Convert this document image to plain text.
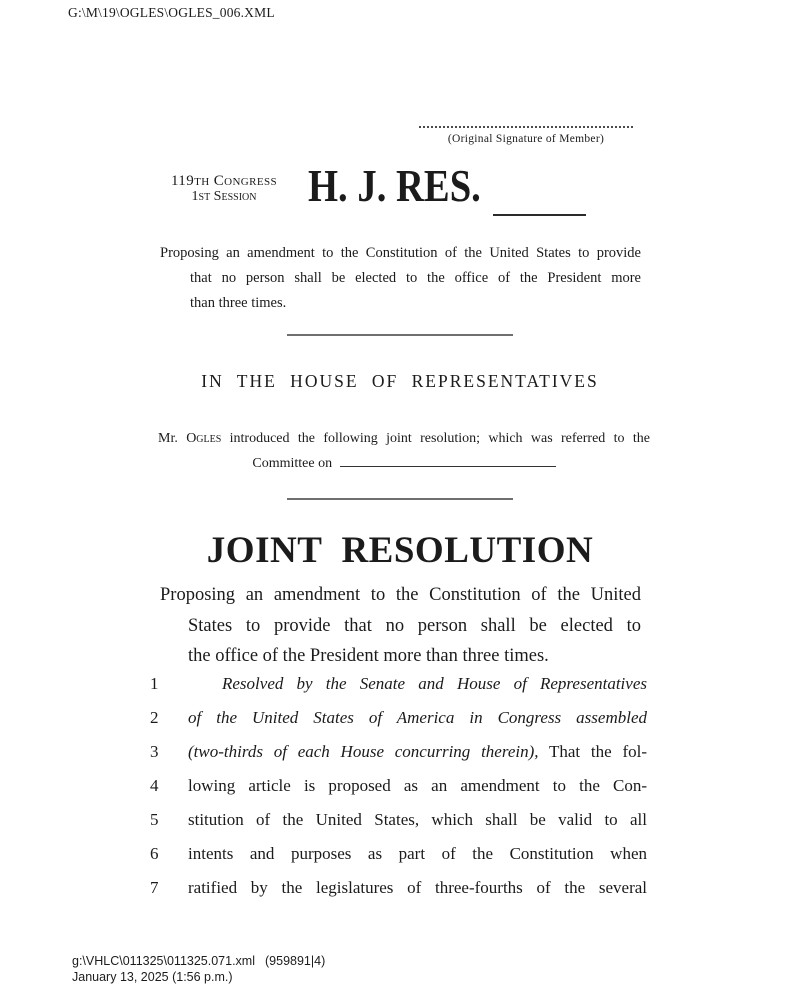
G:\M\19\OGLES\OGLES_006.XML
(Original Signature of Member)
119th Congress
1st Session	H. J. RES.
Proposing an amendment to the Constitution of the United States to provide
that no person shall be elected to the office of the President more
than three times.
IN THE HOUSE OF REPRESENTATIVES
Mr. Ogles introduced the following joint resolution; which was referred to the
Committee on
JOINT RESOLUTION
Proposing an amendment to the Constitution of the United
States to provide that no person shall be elected to
the office of the President more than three times.
1	Resolved by the Senate and House of Representatives
2	of the United States of America in Congress assembled
3	(two-thirds of each House concurring therein), That the fol-
4	lowing article is proposed as an amendment to the Con-
5	stitution of the United States, which shall be valid to all
6	intents and purposes as part of the Constitution when
7	ratified by the legislatures of three-fourths of the several
g:\VHLC\011325\011325.071.xml (959891|4)
January 13, 2025 (1:56 p.m.)
